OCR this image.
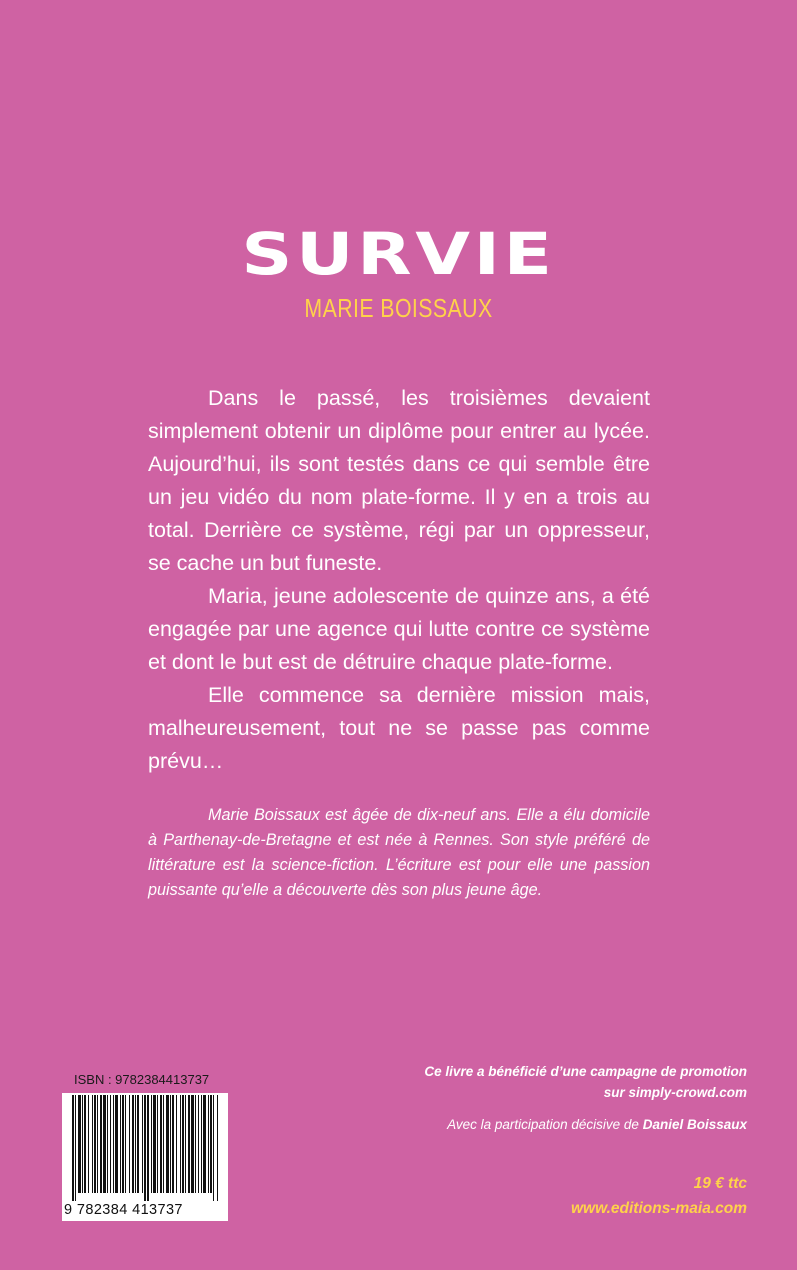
SURVIE
MARIE BOISSAUX

Dans le passé, les troisièmes devaient simplement obtenir un diplôme pour entrer au lycée. Aujourd’hui, ils sont testés dans ce qui semble être un jeu vidéo du nom plate-forme. Il y en a trois au total. Derrière ce système, régi par un oppresseur, se cache un but funeste.

Maria, jeune adolescente de quinze ans, a été engagée par une agence qui lutte contre ce système et dont le but est de détruire chaque plate-forme.

Elle commence sa dernière mission mais, malheureusement, tout ne se passe pas comme prévu…

Marie Boissaux est âgée de dix-neuf ans. Elle a élu domicile à Parthenay-de-Bretagne et est née à Rennes. Son style préféré de littérature est la science-fiction. L’écriture est pour elle une passion puissante qu’elle a découverte dès son plus jeune âge.

ISBN : 9782384413737
9 782384 413737
Ce livre a bénéficié d’une campagne de promotion
sur simply-crowd.com
Avec la participation décisive de Daniel Boissaux
19 € ttc
www.editions-maia.com
